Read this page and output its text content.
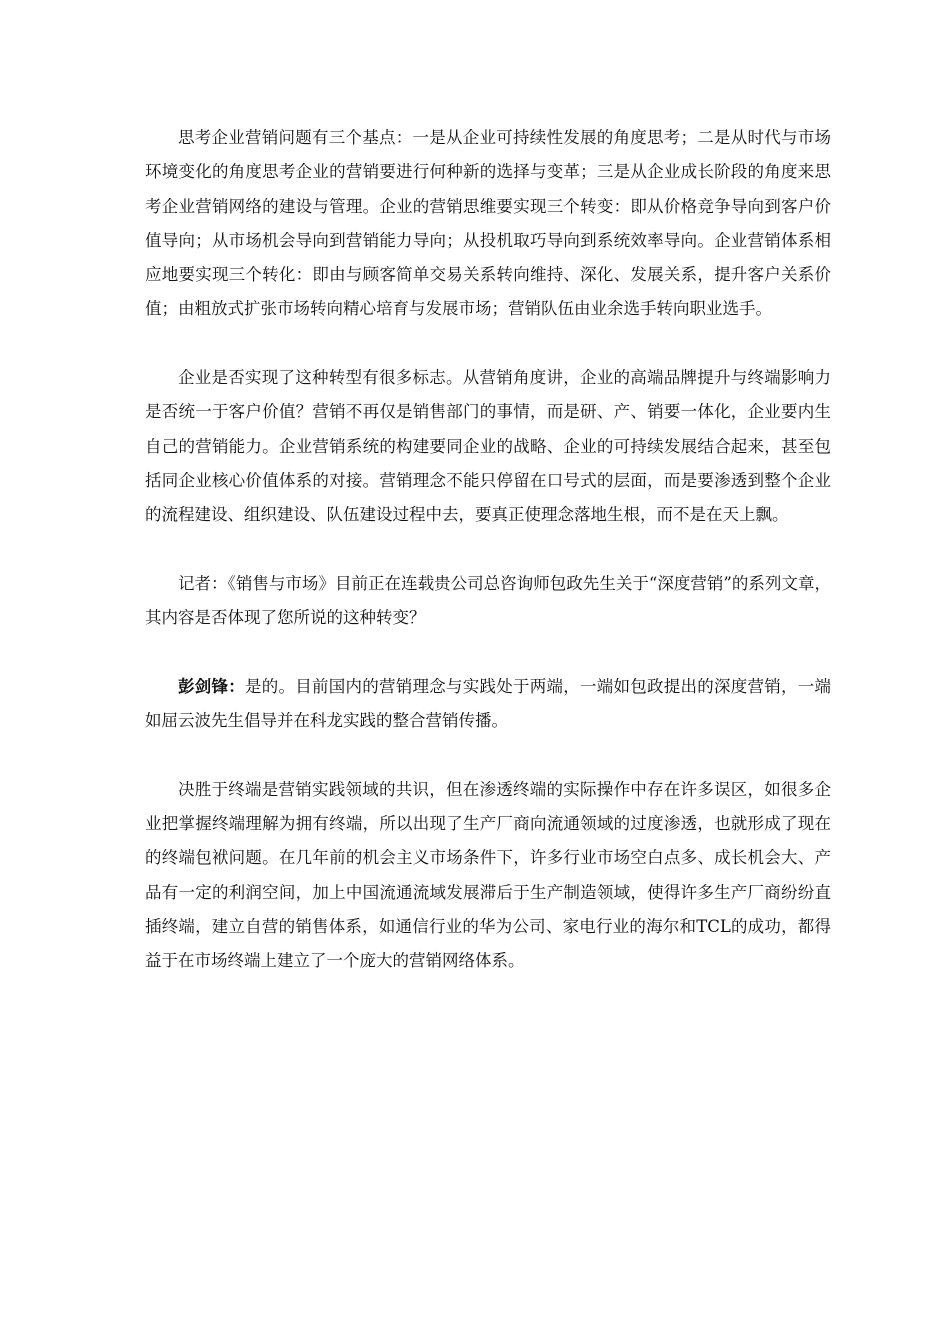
思考企业营销问题有三个基点：一是从企业可持续性发展的角度思考；二是从时代与市场环境变化的角度思考企业的营销要进行何种新的选择与变革；三是从企业成长阶段的角度来思考企业营销网络的建设与管理。企业的营销思维要实现三个转变：即从价格竞争导向到客户价值导向；从市场机会导向到营销能力导向；从投机取巧导向到系统效率导向。企业营销体系相应地要实现三个转化：即由与顾客简单交易关系转向维持、深化、发展关系，提升客户关系价值；由粗放式扩张市场转向精心培育与发展市场；营销队伍由业余选手转向职业选手。

企业是否实现了这种转型有很多标志。从营销角度讲，企业的高端品牌提升与终端影响力是否统一于客户价值？营销不再仅是销售部门的事情，而是研、产、销要一体化，企业要内生自己的营销能力。企业营销系统的构建要同企业的战略、企业的可持续发展结合起来，甚至包括同企业核心价值体系的对接。营销理念不能只停留在口号式的层面，而是要渗透到整个企业的流程建设、组织建设、队伍建设过程中去，要真正使理念落地生根，而不是在天上飘。

记者：《销售与市场》目前正在连载贵公司总咨询师包政先生关于“深度营销”的系列文章，其内容是否体现了您所说的这种转变？

彭剑锋：是的。目前国内的营销理念与实践处于两端，一端如包政提出的深度营销，一端如屈云波先生倡导并在科龙实践的整合营销传播。

决胜于终端是营销实践领域的共识，但在渗透终端的实际操作中存在许多误区，如很多企业把掌握终端理解为拥有终端，所以出现了生产厂商向流通领域的过度渗透，也就形成了现在的终端包袱问题。在几年前的机会主义市场条件下，许多行业市场空白点多、成长机会大、产品有一定的利润空间，加上中国流通流域发展滞后于生产制造领域，使得许多生产厂商纷纷直插终端，建立自营的销售体系，如通信行业的华为公司、家电行业的海尔和TCL的成功，都得益于在市场终端上建立了一个庞大的营销网络体系。
